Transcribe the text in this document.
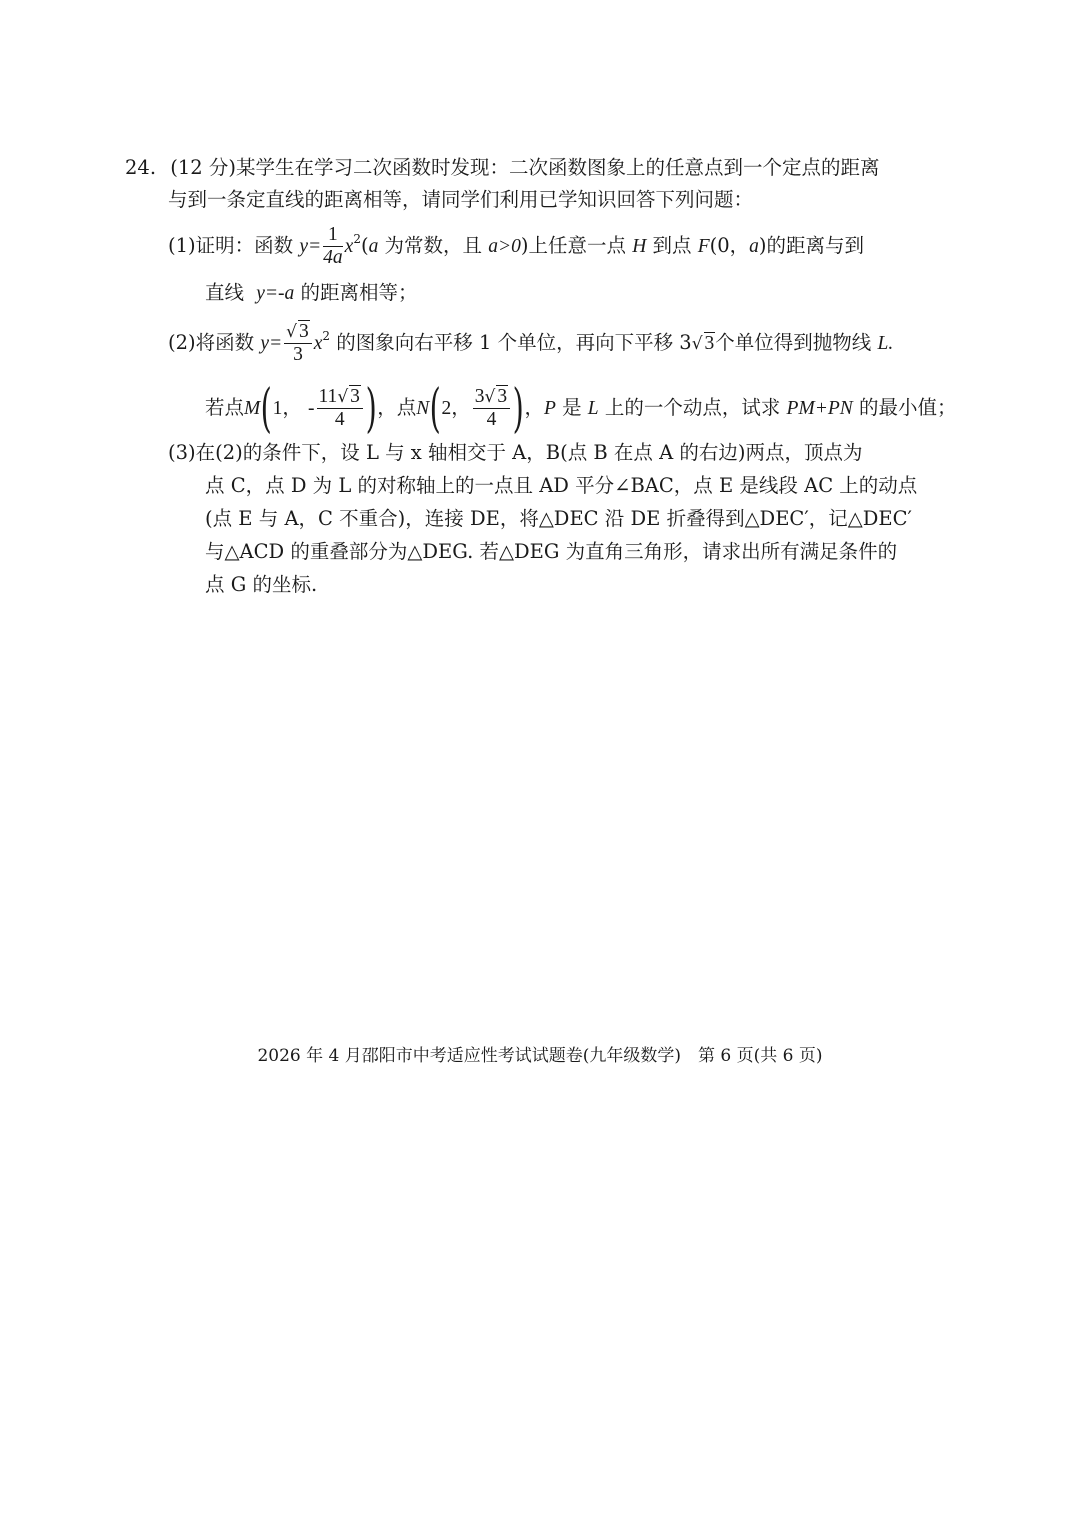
24. (12 分)某学生在学习二次函数时发现：二次函数图象上的任意点到一个定点的距离
与到一条定直线的距离相等，请同学们利用已学知识回答下列问题：
(1)证明：函数 $y= \frac{1}{4a} x^2(a$ 为常数，且 a>0)上任意一点 H 到点 F(0，a)的距离与到
直线 y=-a 的距离相等；
(2)将函数 $y= \frac{√ 3}{3} x^2$ 的图象向右平移 1 个单位，再向下平移 3√ 3个单位得到抛物线 L.
若点M(1， - $\frac{11√ 3}{4}$ )，点N(2， $\frac{3√ 3}{4}$ )，P 是 L 上的一个动点，试求 PM+PN 的最小值；
(3)在(2)的条件下，设 L 与 x 轴相交于 A，B(点 B 在点 A 的右边)两点，顶点为
点 C，点 D 为 L 的对称轴上的一点且 AD 平分∠BAC，点 E 是线段 AC 上的动点
(点 E 与 A，C 不重合)，连接 DE，将△DEC 沿 DE 折叠得到△DEC′，记△DEC′
与△ACD 的重叠部分为△DEG. 若△DEG 为直角三角形，请求出所有满足条件的
点 G 的坐标.
2026 年 4 月邵阳市中考适应性考试试题卷(九年级数学)　第 6 页(共 6 页)
